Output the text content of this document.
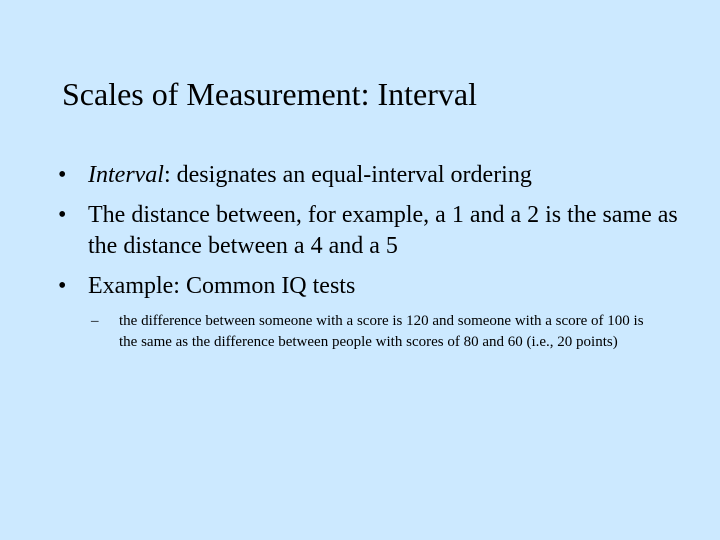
Scales of Measurement: Interval
• Interval: designates an equal-interval ordering
• The distance between, for example, a 1 and a 2 is the same as the distance between a 4 and a 5
• Example: Common IQ tests
–	the difference between someone with a score is 120 and someone with a score of 100 is the same as the difference between people with scores of 80 and 60 (i.e., 20 points)
